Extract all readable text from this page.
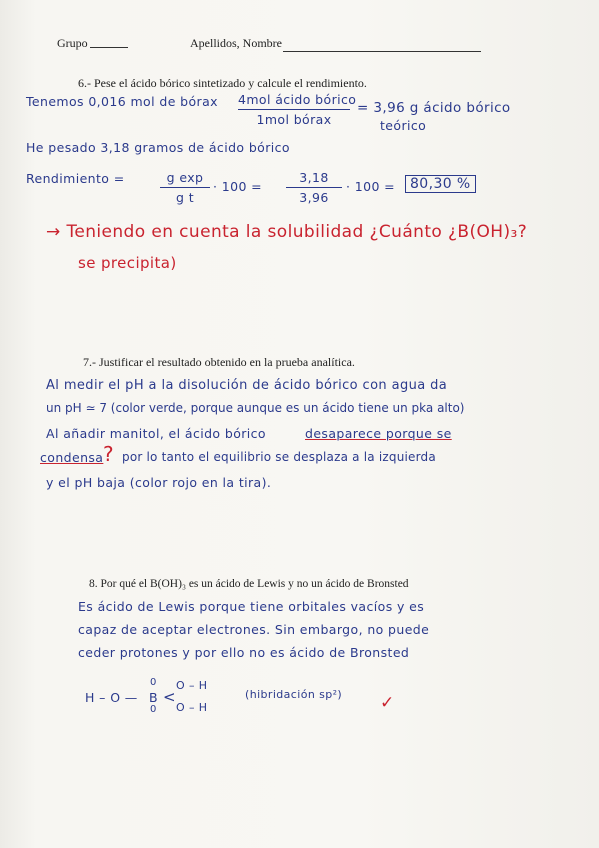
Grupo	Apellidos, Nombre
6.- Pese el ácido bórico sintetizado y calcule el rendimiento.
Tenemos 0,016 mol de bórax 4mol ácido bórico
1mol bórax
= 3,96 g ácido bórico
teórico
He pesado 3,18 gramos de ácido bórico
Rendimiento =	g exp
g t
· 100 =
3,18
3,96
· 100 =	80,30 %
→ Teniendo en cuenta la solubilidad ¿Cuánto ¿B(OH)₃?
se precipita)
7.- Justificar el resultado obtenido en la prueba analítica.
Al medir el pH a la disolución de ácido bórico con agua da
un pH ≃ 7 (color verde, porque aunque es un ácido tiene un pka alto)
Al añadir manitol, el ácido bórico	desaparece porque se
condensa ? por lo tanto el equilibrio se desplaza a la izquierda
y el pH baja (color rojo en la tira).
8. Por qué el B(OH)₃ es un ácido de Lewis y no un ácido de Bronsted
Es ácido de Lewis porque tiene orbitales vacíos y es
capaz de aceptar electrones. Sin embargo, no puede
ceder protones y por ello no es ácido de Bronsted
H – O —
0
B
0
<
O – H
O – H
(hibridación sp²) ✓
